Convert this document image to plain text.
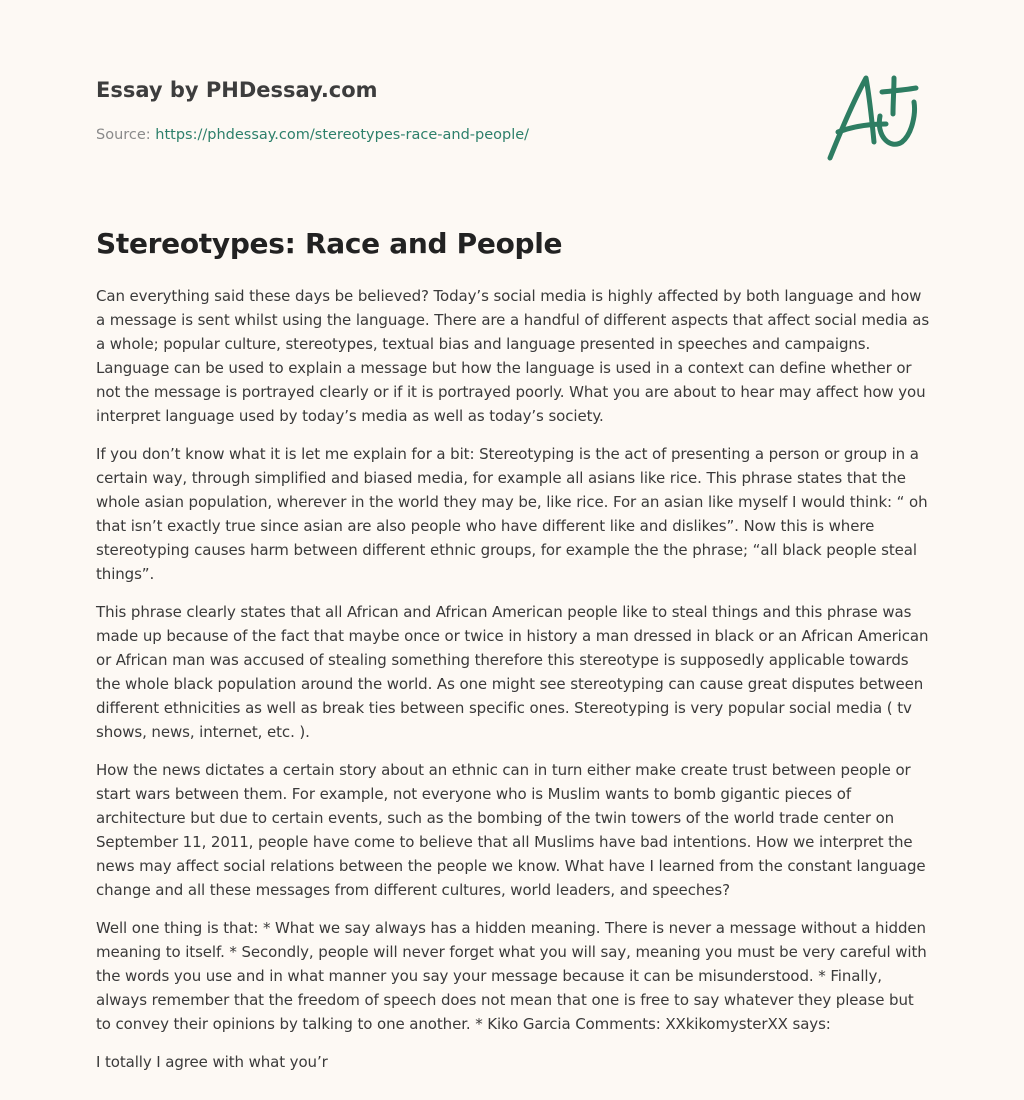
Essay by PHDessay.com
Source: https://phdessay.com/stereotypes-race-and-people/
Stereotypes: Race and People

Can everything said these days be believed? Today’s social media is highly affected by both language and how a message is sent whilst using the language. There are a handful of different aspects that affect social media as a whole; popular culture, stereotypes, textual bias and language presented in speeches and campaigns. Language can be used to explain a message but how the language is used in a context can define whether or not the message is portrayed clearly or if it is portrayed poorly. What you are about to hear may affect how you interpret language used by today’s media as well as today’s society.

If you don’t know what it is let me explain for a bit: Stereotyping is the act of presenting a person or group in a certain way, through simplified and biased media, for example all asians like rice. This phrase states that the whole asian population, wherever in the world they may be, like rice. For an asian like myself I would think: “ oh that isn’t exactly true since asian are also people who have different like and dislikes”. Now this is where stereotyping causes harm between different ethnic groups, for example the the phrase; “all black people steal things”.

This phrase clearly states that all African and African American people like to steal things and this phrase was made up because of the fact that maybe once or twice in history a man dressed in black or an African American or African man was accused of stealing something therefore this stereotype is supposedly applicable towards the whole black population around the world. As one might see stereotyping can cause great disputes between different ethnicities as well as break ties between specific ones. Stereotyping is very popular social media ( tv shows, news, internet, etc. ).

How the news dictates a certain story about an ethnic can in turn either make create trust between people or start wars between them. For example, not everyone who is Muslim wants to bomb gigantic pieces of architecture but due to certain events, such as the bombing of the twin towers of the world trade center on September 11, 2011, people have come to believe that all Muslims have bad intentions. How we interpret the news may affect social relations between the people we know. What have I learned from the constant language change and all these messages from different cultures, world leaders, and speeches?

Well one thing is that: * What we say always has a hidden meaning. There is never a message without a hidden meaning to itself. * Secondly, people will never forget what you will say, meaning you must be very careful with the words you use and in what manner you say your message because it can be misunderstood. * Finally, always remember that the freedom of speech does not mean that one is free to say whatever they please but to convey their opinions by talking to one another. * Kiko Garcia Comments: XXkikomysterXX says:

I totally I agree with what you’r
